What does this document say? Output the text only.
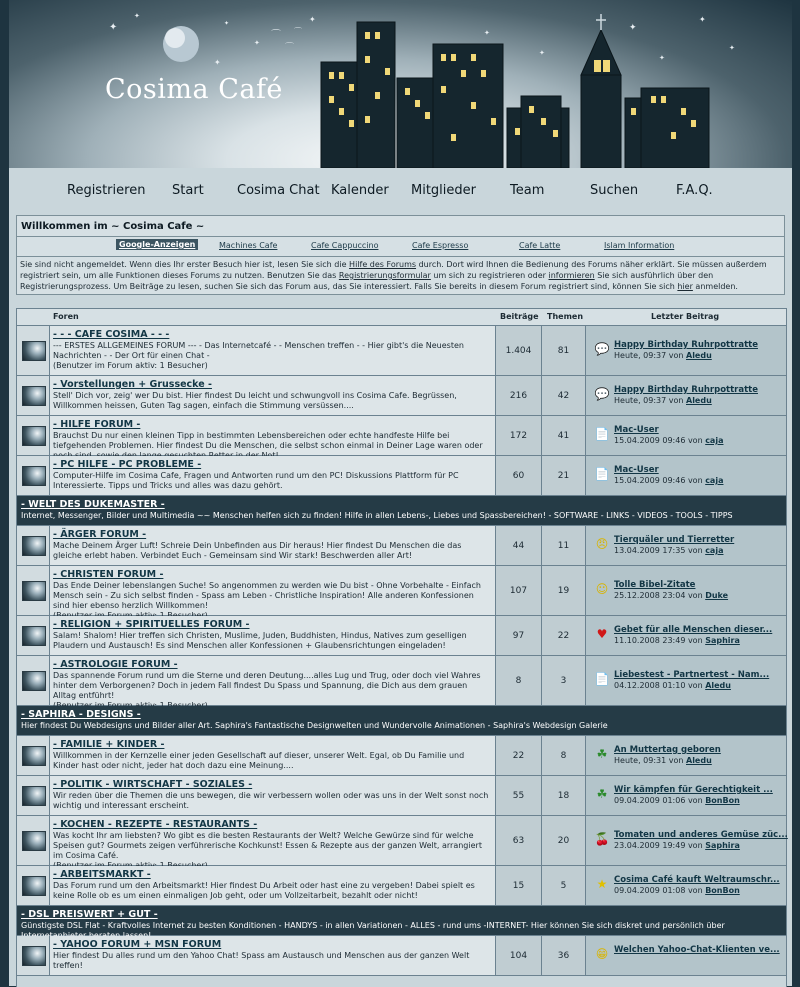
✦
✦
✦
✦
✦
✦
✦
✦
✦
✦
✦
✦
⌒
⌒
⌒
Cosima Café
Registrieren Start	Cosima Chat Kalender Mitglieder	Team	Suchen	F.A.Q.
Willkommen im ~ Cosima Cafe ~
Google-Anzeigen	Machines Cafe	Cafe Cappuccino	Cafe Espresso	Cafe Latte	Islam Information
Sie sind nicht angemeldet. Wenn dies Ihr erster Besuch hier ist, lesen Sie sich die Hilfe des Forums durch. Dort wird Ihnen die Bedienung des Forums näher erklärt. Sie müssen außerdem registriert sein, um alle Funktionen dieses Forums zu nutzen. Benutzen Sie das Registrierungsformular um sich zu registrieren oder informieren Sie sich ausführlich über den Registrierungsprozess. Um Beiträge zu lesen, suchen Sie sich das Forum aus, das Sie interessiert. Falls Sie bereits in diesem Forum registriert sind, können Sie sich hier anmelden.
Foren	Beiträge Themen	Letzter Beitrag
- - - CAFE COSIMA - - -
--- ERSTES ALLGEMEINES FORUM --- - Das Internetcafé - - Menschen treffen - - Hier gibt's die Neuesten Nachrichten - - Der Ort für einen Chat -
(Benutzer im Forum aktiv: 1 Besucher)
1.404	81	💬 Happy Birthday Ruhrpottratte
Heute, 09:37 von Aledu
- Vorstellungen + Grussecke -
Stell' Dich vor, zeig' wer Du bist. Hier findest Du leicht und schwungvoll ins Cosima Cafe. Begrüssen, Willkommen heissen, Guten Tag sagen, einfach die Stimmung versüssen....
216	42	💬 Happy Birthday Ruhrpottratte
Heute, 09:37 von Aledu
- HILFE FORUM -
Brauchst Du nur einen kleinen Tipp in bestimmten Lebensbereichen oder echte handfeste Hilfe bei tiefgehenden Problemen. Hier findest Du die Menschen, die selbst schon einmal in Deiner Lage waren oder
172	41	📄 Mac-User
15.04.2009 09:46 von caja
- PC HILFE - PC PROBLEME -
Computer-Hilfe im Cosima Cafe, Fragen und Antworten rund um den PC! Diskussions Plattform für PC Interessierte. Tipps und Tricks und alles was dazu gehört.
60	21	📄 Mac-User
15.04.2009 09:46 von caja
- WELT DES DUKEMASTER -
Internet, Messenger, Bilder und Multimedia ~~ Menschen helfen sich zu finden! Hilfe in allen Lebens-, Liebes und Spassbereichen! - SOFTWARE - LINKS - VIDEOS - TOOLS - TIPPS
- ÄRGER FORUM -
Mache Deinem Ärger Luft! Schreie Dein Unbefinden aus Dir heraus! Hier findest Du Menschen die das gleiche erlebt haben. Verbindet Euch - Gemeinsam sind Wir stark! Beschwerden aller Art!
44	11	😠 Tierquäler und Tierretter
13.04.2009 17:35 von caja
- CHRISTEN FORUM -
Das Ende Deiner lebenslangen Suche! So angenommen zu werden wie Du bist - Ohne Vorbehalte - Einfach Mensch sein - Zu sich selbst finden - Spass am Leben - Christliche Inspiration! Alle anderen Konfessionen sind hier ebenso herzlich Willkommen!

107	19	☺ Tolle Bibel-Zitate
25.12.2008 23:04 von Duke
- RELIGION + SPIRITUELLES FORUM -
Salam! Shalom! Hier treffen sich Christen, Muslime, Juden, Buddhisten, Hindus, Natives zum geselligen Plaudern und Austausch! Es sind Menschen aller Konfessionen + Glaubensrichtungen eingeladen!
97	22	♥ Gebet für alle Menschen dieser...
11.10.2008 23:49 von Saphira
- ASTROLOGIE FORUM -
Das spannende Forum rund um die Sterne und deren Deutung....alles Lug und Trug, oder doch viel Wahres hinter dem Verborgenen? Doch in jedem Fall findest Du Spass und Spannung, die Dich aus dem grauen Alltag entführt!

8	3	📄 Liebestest - Partnertest - Nam...
04.12.2008 01:10 von Aledu
- SAPHIRA - DESIGNS -
Hier findest Du Webdesigns und Bilder aller Art. Saphira's Fantastische Designwelten und Wundervolle Animationen - Saphira's Webdesign Galerie
- FAMILIE + KINDER -
Willkommen in der Kernzelle einer jeden Gesellschaft auf dieser, unserer Welt. Egal, ob Du Familie und Kinder hast oder nicht, jeder hat doch dazu eine Meinung....
22	8	☘ An Muttertag geboren
Heute, 09:31 von Aledu
- POLITIK - WIRTSCHAFT - SOZIALES -
Wir reden über die Themen die uns bewegen, die wir verbessern wollen oder was uns in der Welt sonst noch wichtig und interessant erscheint.
55	18	☘ Wir kämpfen für Gerechtigkeit ...
09.04.2009 01:06 von BonBon
- KOCHEN - REZEPTE - RESTAURANTS -
Was kocht Ihr am liebsten? Wo gibt es die besten Restaurants der Welt? Welche Gewürze sind für welche Speisen gut? Gourmets zeigen verführerische Kochkunst! Essen & Rezepte aus der ganzen Welt, arrangiert im Cosima Café.

63	20	🍒 Tomaten und anderes Gemüse züc...
23.04.2009 19:49 von Saphira
- ARBEITSMARKT -
Das Forum rund um den Arbeitsmarkt! Hier findest Du Arbeit oder hast eine zu vergeben! Dabei spielt es keine Rolle ob es um einen einmaligen Job geht, oder um Vollzeitarbeit, bezahlt oder nicht!
15	5	★ Cosima Café kauft Weltraumschr...
09.04.2009 01:08 von BonBon
- DSL PREISWERT + GUT -
Günstigste DSL Flat - Kraftvolles Internet zu besten Konditionen - HANDYS - in allen Variationen - ALLES - rund ums -INTERNET- Hier können Sie sich diskret und persönlich über
- YAHOO FORUM + MSN FORUM
Hier findest Du alles rund um den Yahoo Chat! Spass am Austausch und Menschen aus der ganzen Welt treffen!
104	36	😁 Welchen Yahoo-Chat-Klienten ve...
